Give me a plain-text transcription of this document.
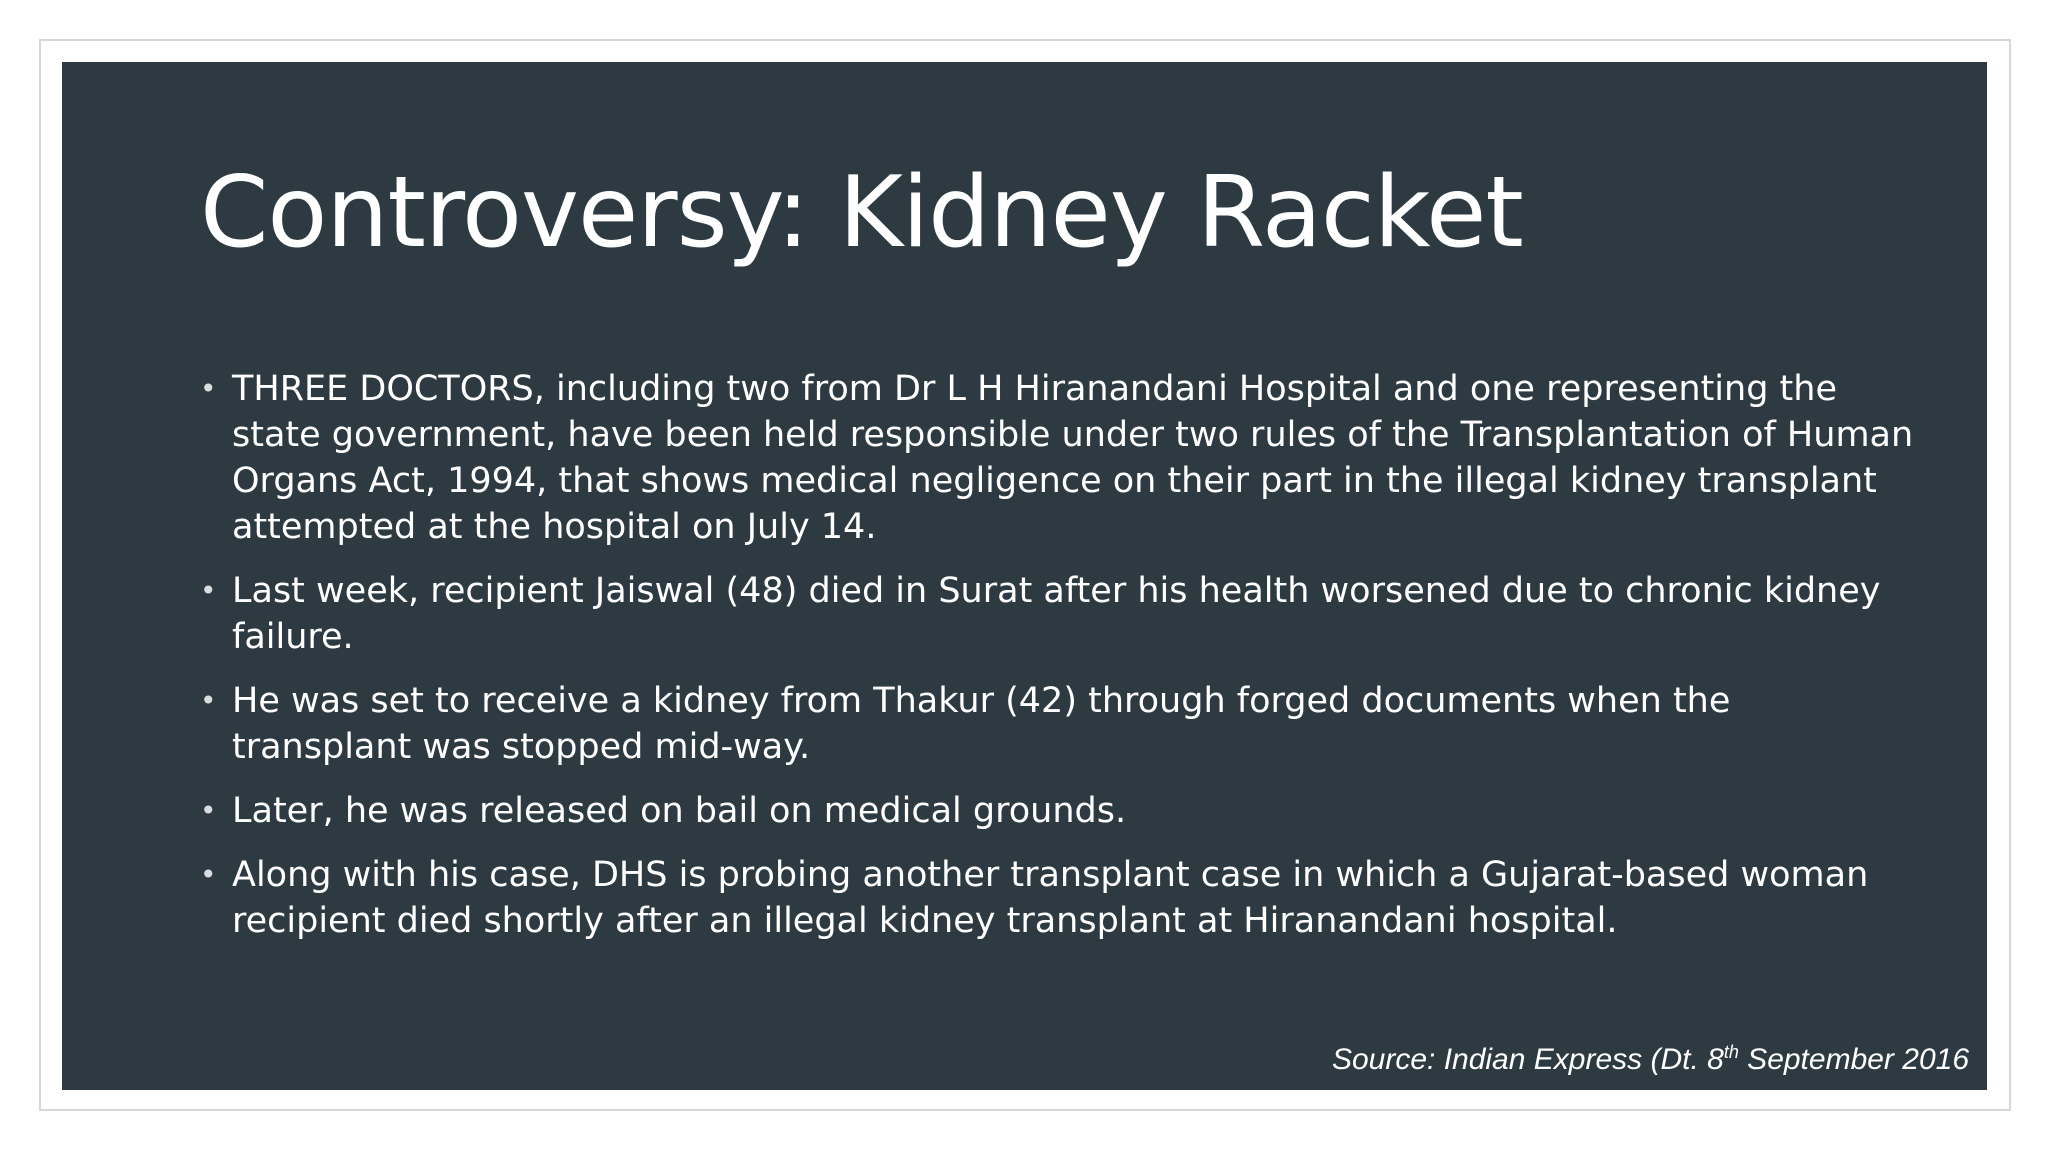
Controversy: Kidney Racket
• THREE DOCTORS, including two from Dr L H Hiranandani Hospital and one representing the state government, have been held responsible under two rules of the Transplantation of Human Organs Act, 1994, that shows medical negligence on their part in the illegal kidney transplant attempted at the hospital on July 14.
• Last week, recipient Jaiswal (48) died in Surat after his health worsened due to chronic kidney failure.
• He was set to receive a kidney from Thakur (42) through forged documents when the transplant was stopped mid-way.
• Later, he was released on bail on medical grounds.
• Along with his case, DHS is probing another transplant case in which a Gujarat-based woman recipient died shortly after an illegal kidney transplant at Hiranandani hospital.

Source: Indian Express (Dt. 8th September 2016
